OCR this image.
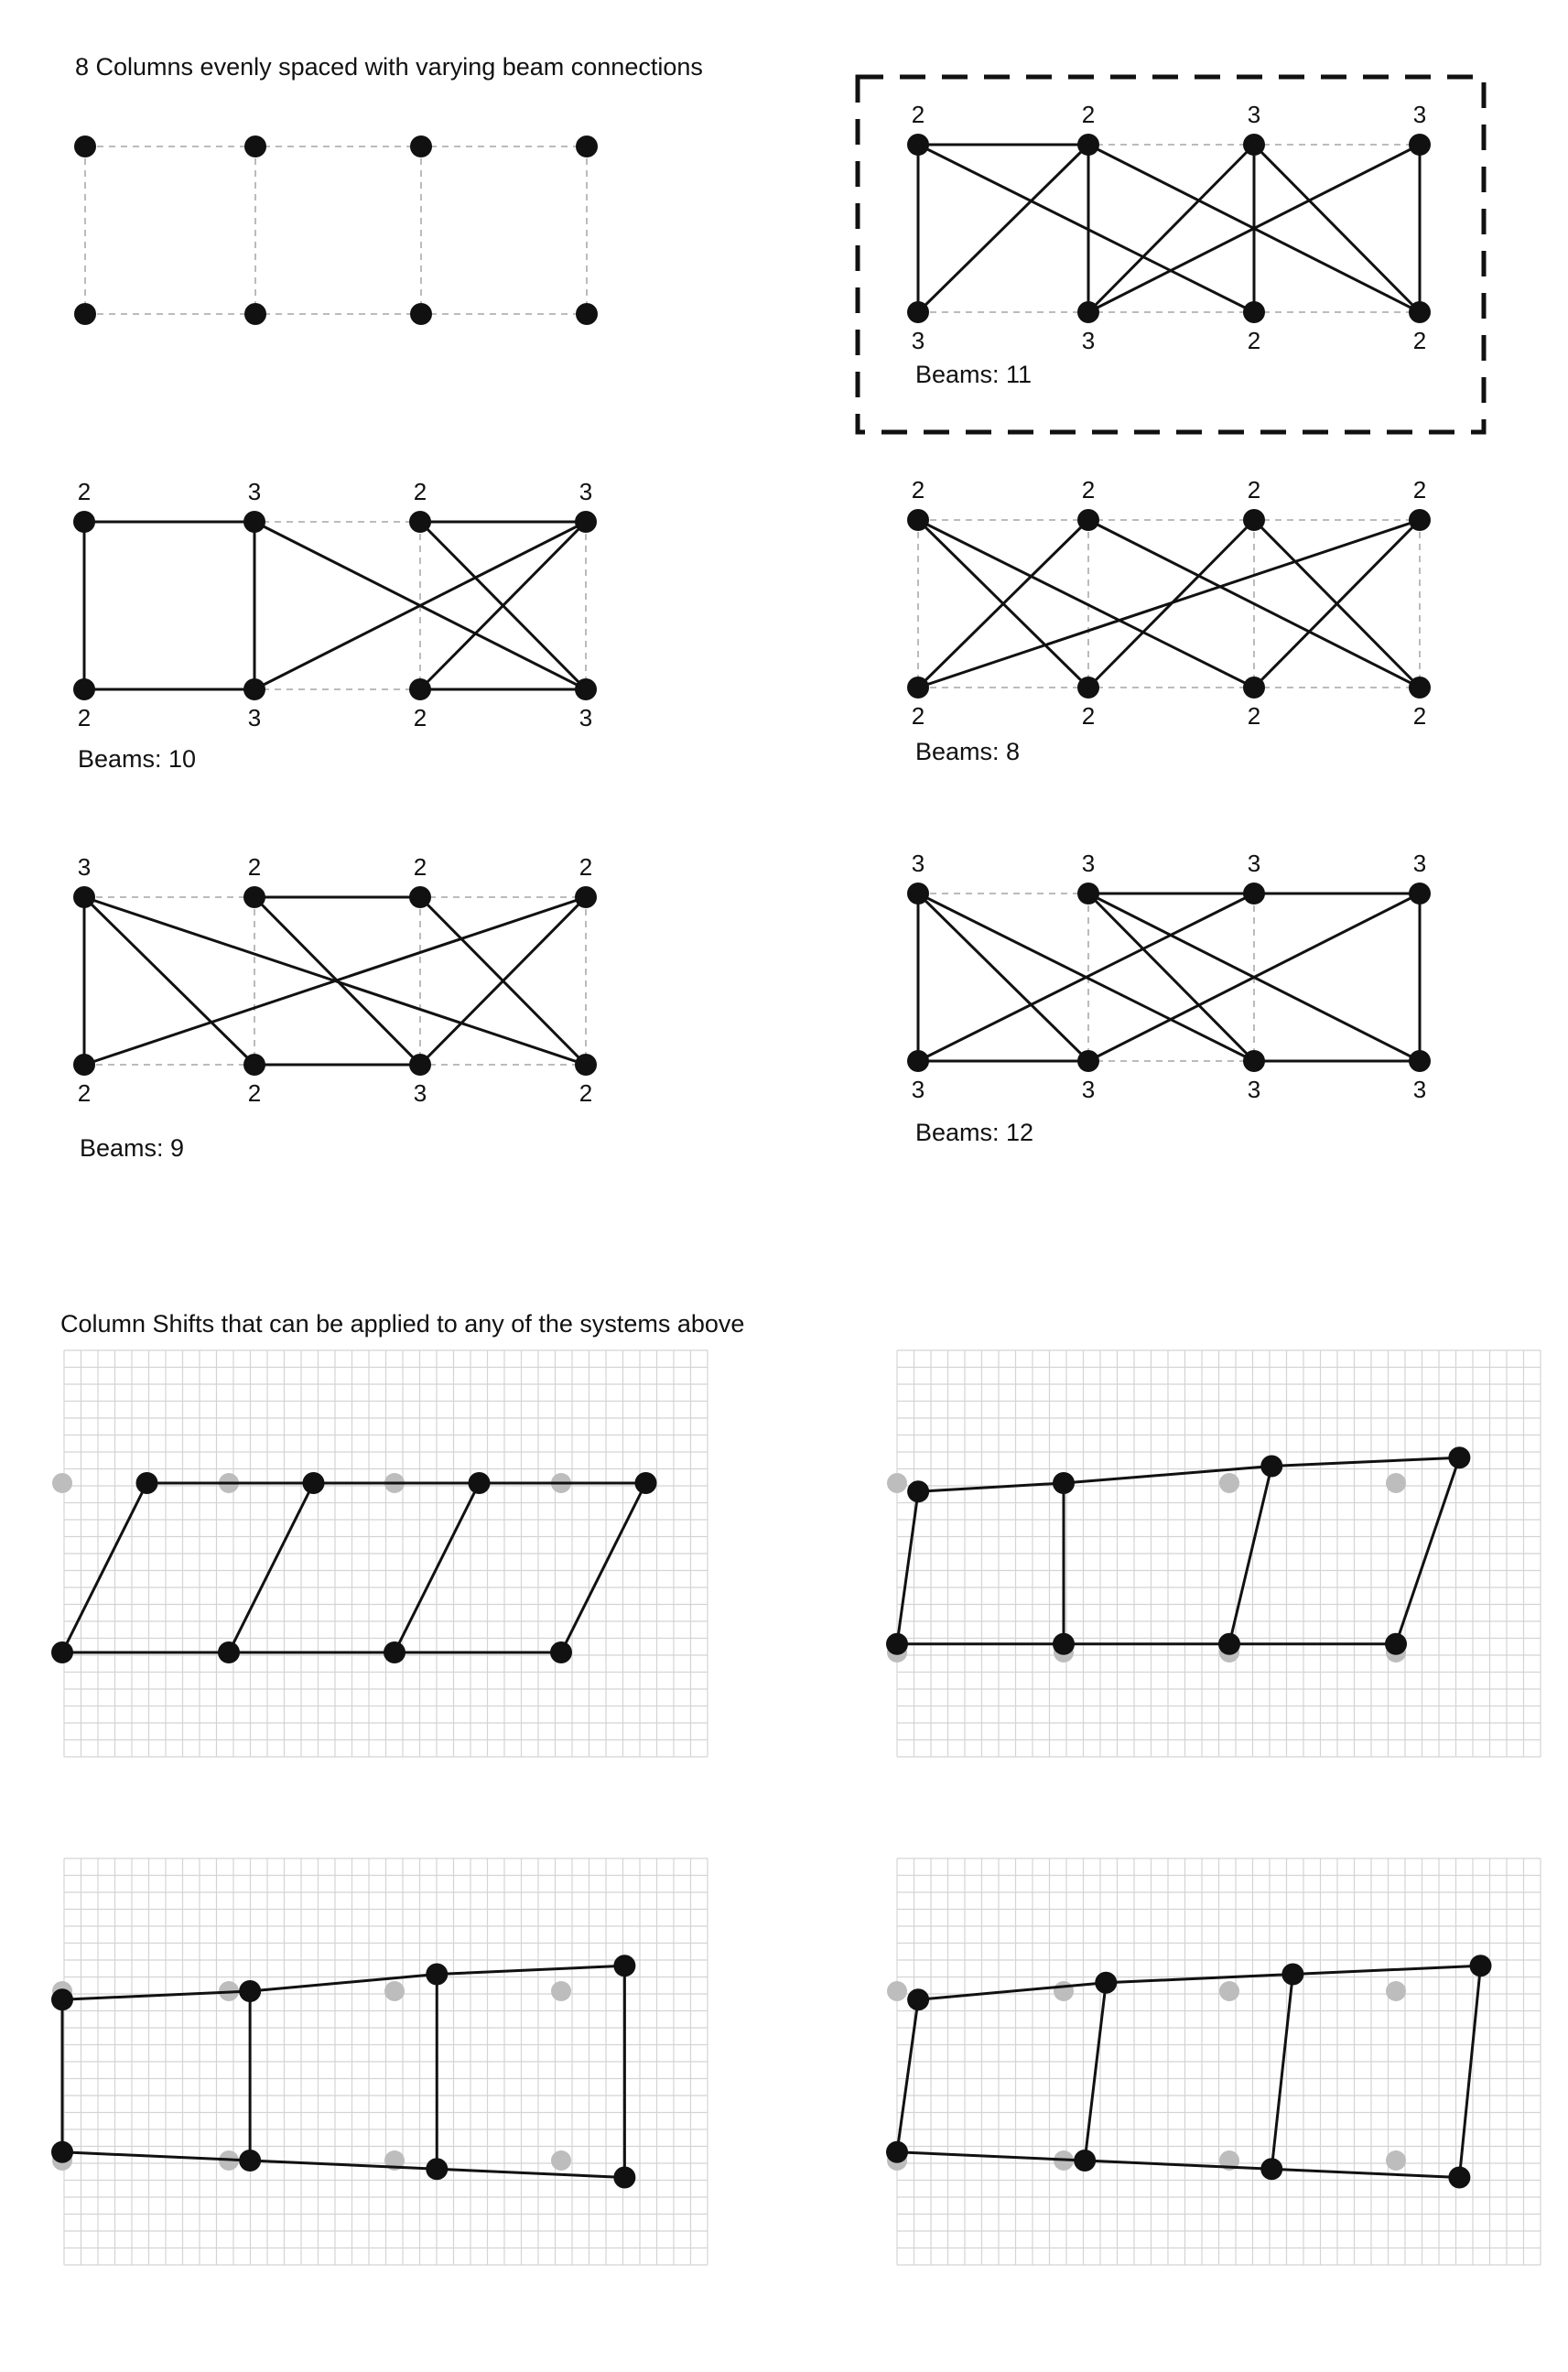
8 Columns evenly spaced with varying beam connections
2	2	3	3
3	3	2	2
Beams: 11
2	3	2	3
2	3	2	3
Beams: 10
2	2	2	2
2	2	2	2
Beams: 8
3	2	2	2
2	2	3	2
Beams: 9
3	3	3	3
3	3	3	3
Beams: 12
Column Shifts that can be applied to any of the systems above
